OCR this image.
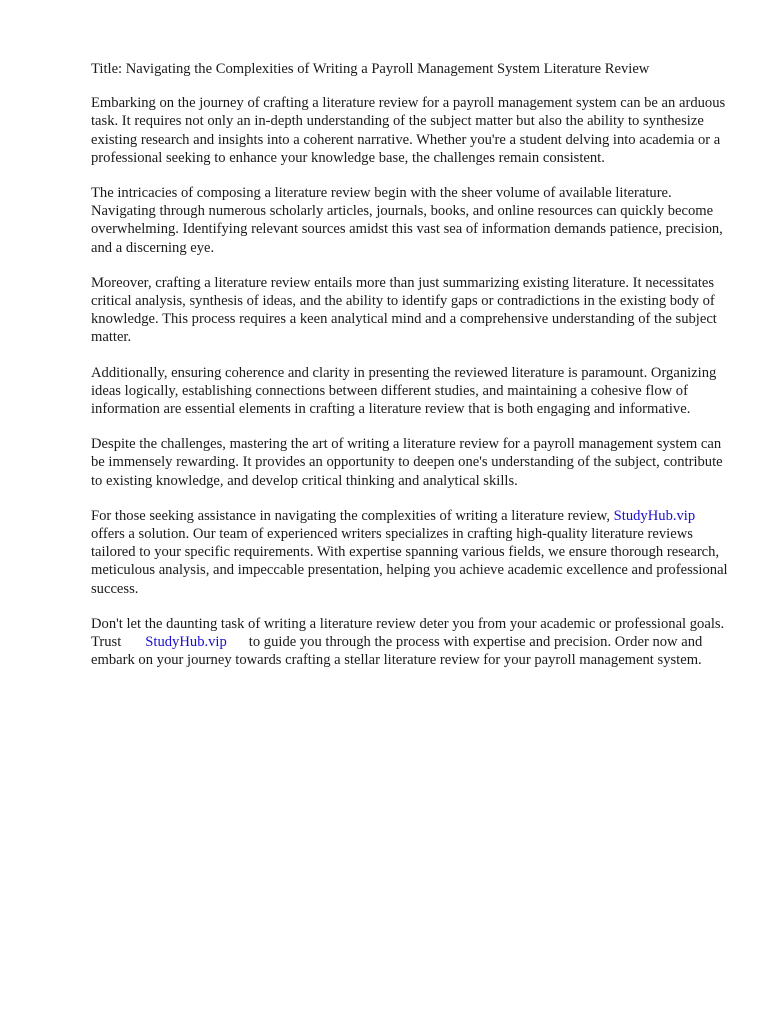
Title: Navigating the Complexities of Writing a Payroll Management System Literature Review

Embarking on the journey of crafting a literature review for a payroll management system can be an arduous task. It requires not only an in-depth understanding of the subject matter but also the ability to synthesize existing research and insights into a coherent narrative. Whether you're a student delving into academia or a professional seeking to enhance your knowledge base, the challenges remain consistent.

The intricacies of composing a literature review begin with the sheer volume of available literature. Navigating through numerous scholarly articles, journals, books, and online resources can quickly become overwhelming. Identifying relevant sources amidst this vast sea of information demands patience, precision, and a discerning eye.

Moreover, crafting a literature review entails more than just summarizing existing literature. It necessitates critical analysis, synthesis of ideas, and the ability to identify gaps or contradictions in the existing body of knowledge. This process requires a keen analytical mind and a comprehensive understanding of the subject matter.

Additionally, ensuring coherence and clarity in presenting the reviewed literature is paramount. Organizing ideas logically, establishing connections between different studies, and maintaining a cohesive flow of information are essential elements in crafting a literature review that is both engaging and informative.

Despite the challenges, mastering the art of writing a literature review for a payroll management system can be immensely rewarding. It provides an opportunity to deepen one's understanding of the subject, contribute to existing knowledge, and develop critical thinking and analytical skills.

For those seeking assistance in navigating the complexities of writing a literature review, StudyHub.vipoffers a solution. Our team of experienced writers specializes in crafting high-quality literature reviews tailored to your specific requirements. With expertise spanning various fields, we ensure thorough research, meticulous analysis, and impeccable presentation, helping you achieve academic excellence and professional success.

Don't let the daunting task of writing a literature review deter you from your academic or professional goals. Trust StudyHub.vip to guide you through the process with expertise and precision. Order now and embark on your journey towards crafting a stellar literature review for your payroll management system.
